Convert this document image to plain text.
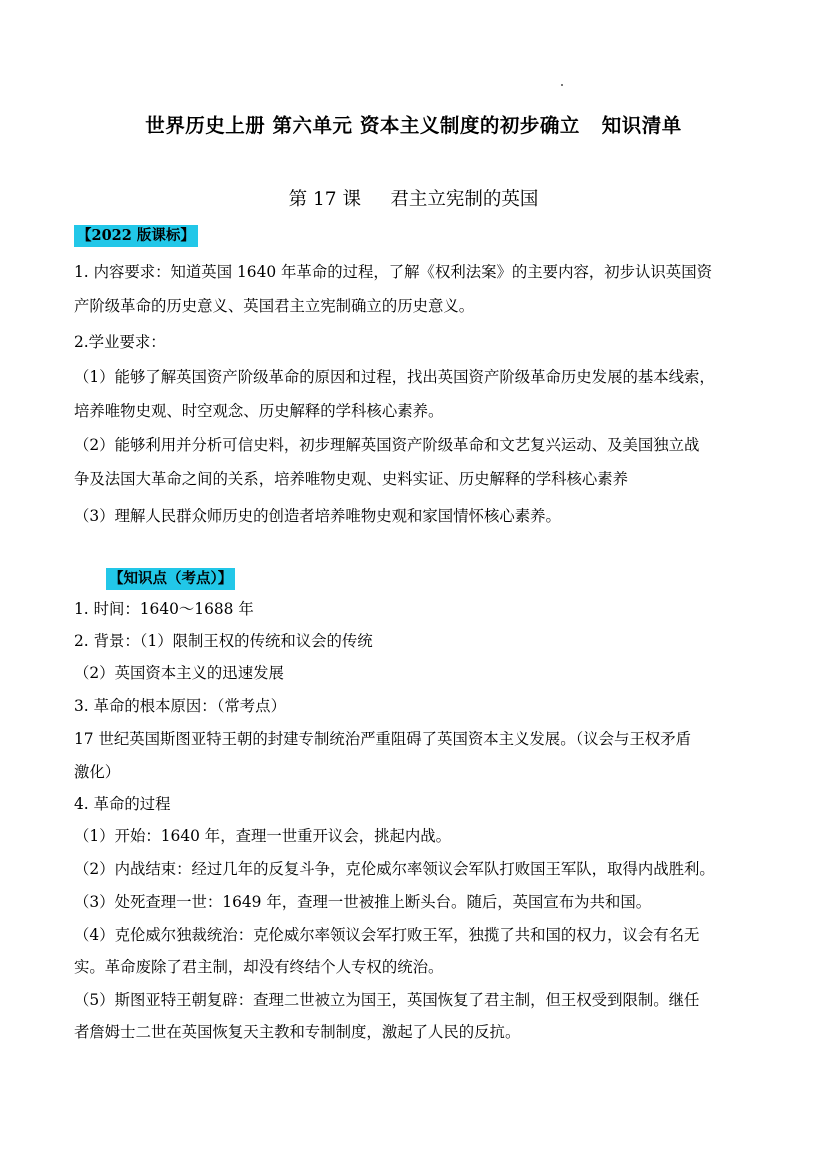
世界历史上册 第六单元 资本主义制度的初步确立   知识清单
第 17 课     君主立宪制的英国
【2022 版课标】
1. 内容要求：知道英国 1640 年革命的过程，了解《权利法案》的主要内容，初步认识英国资
产阶级革命的历史意义、英国君主立宪制确立的历史意义。
2.学业要求：
（1）能够了解英国资产阶级革命的原因和过程，找出英国资产阶级革命历史发展的基本线索，
培养唯物史观、时空观念、历史解释的学科核心素养。
（2）能够利用并分析可信史料，初步理解英国资产阶级革命和文艺复兴运动、及美国独立战
争及法国大革命之间的关系，培养唯物史观、史料实证、历史解释的学科核心素养
（3）理解人民群众师历史的创造者培养唯物史观和家国情怀核心素养。
【知识点（考点）】
1. 时间：1640～1688 年
2. 背景：（1）限制王权的传统和议会的传统
（2）英国资本主义的迅速发展
3. 革命的根本原因：（常考点）
17 世纪英国斯图亚特王朝的封建专制统治严重阻碍了英国资本主义发展。（议会与王权矛盾
激化）
4. 革命的过程
（1）开始：1640 年，查理一世重开议会，挑起内战。
（2）内战结束：经过几年的反复斗争，克伦威尔率领议会军队打败国王军队，取得内战胜利。
（3）处死查理一世：1649 年，查理一世被推上断头台。随后，英国宣布为共和国。
（4）克伦威尔独裁统治：克伦威尔率领议会军打败王军，独揽了共和国的权力，议会有名无
实。革命废除了君主制，却没有终结个人专权的统治。
（5）斯图亚特王朝复辟：查理二世被立为国王，英国恢复了君主制，但王权受到限制。继任
者詹姆士二世在英国恢复天主教和专制制度，激起了人民的反抗。
